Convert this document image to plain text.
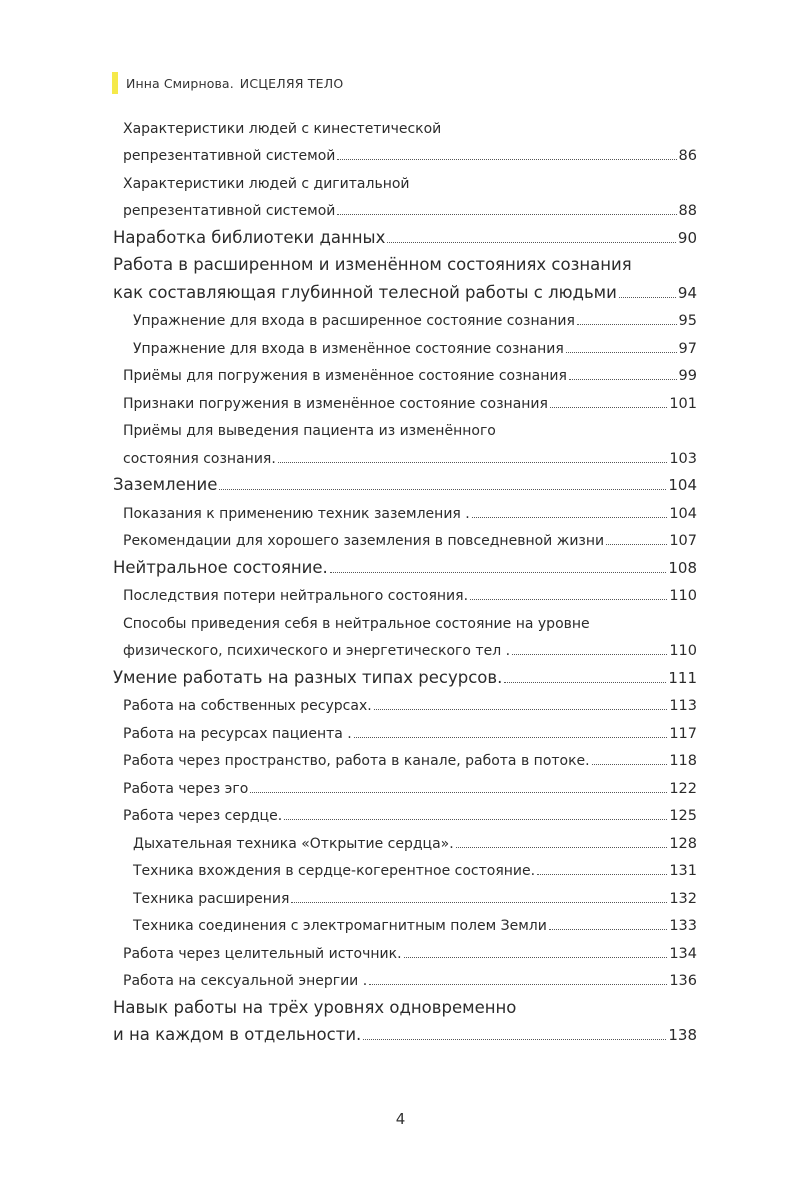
Инна Смирнова. ИСЦЕЛЯЯ ТЕЛО
Характеристики людей с кинестетической
репрезентативной системой	86
Характеристики людей с дигитальной
репрезентативной системой	88
Наработка библиотеки данных	90
Работа в расширенном и изменённом состояниях сознания
как составляющая глубинной телесной работы с людьми	94
Упражнение для входа в расширенное состояние сознания	95
Упражнение для входа в изменённое состояние сознания	97
Приёмы для погружения в изменённое состояние сознания	99
Признаки погружения в изменённое состояние сознания	101
Приёмы для выведения пациента из изменённого
состояния сознания.	103
Заземление	104
Показания к применению техник заземления .	104
Рекомендации для хорошего заземления в повседневной жизни	107
Нейтральное состояние.	108
Последствия потери нейтрального состояния.	110
Способы приведения себя в нейтральное состояние на уровне
физического, психического и энергетического тел .	110
Умение работать на разных типах ресурсов.	111
Работа на собственных ресурсах.	113
Работа на ресурсах пациента .	117
Работа через пространство, работа в канале, работа в потоке.	118
Работа через эго	122
Работа через сердце.	125
Дыхательная техника «Открытие сердца».	128
Техника вхождения в сердце-когерентное состояние.	131
Техника расширения	132
Техника соединения с электромагнитным полем Земли	133
Работа через целительный источник.	134
Работа на сексуальной энергии .	136
Навык работы на трёх уровнях одновременно
и на каждом в отдельности.	138
4
